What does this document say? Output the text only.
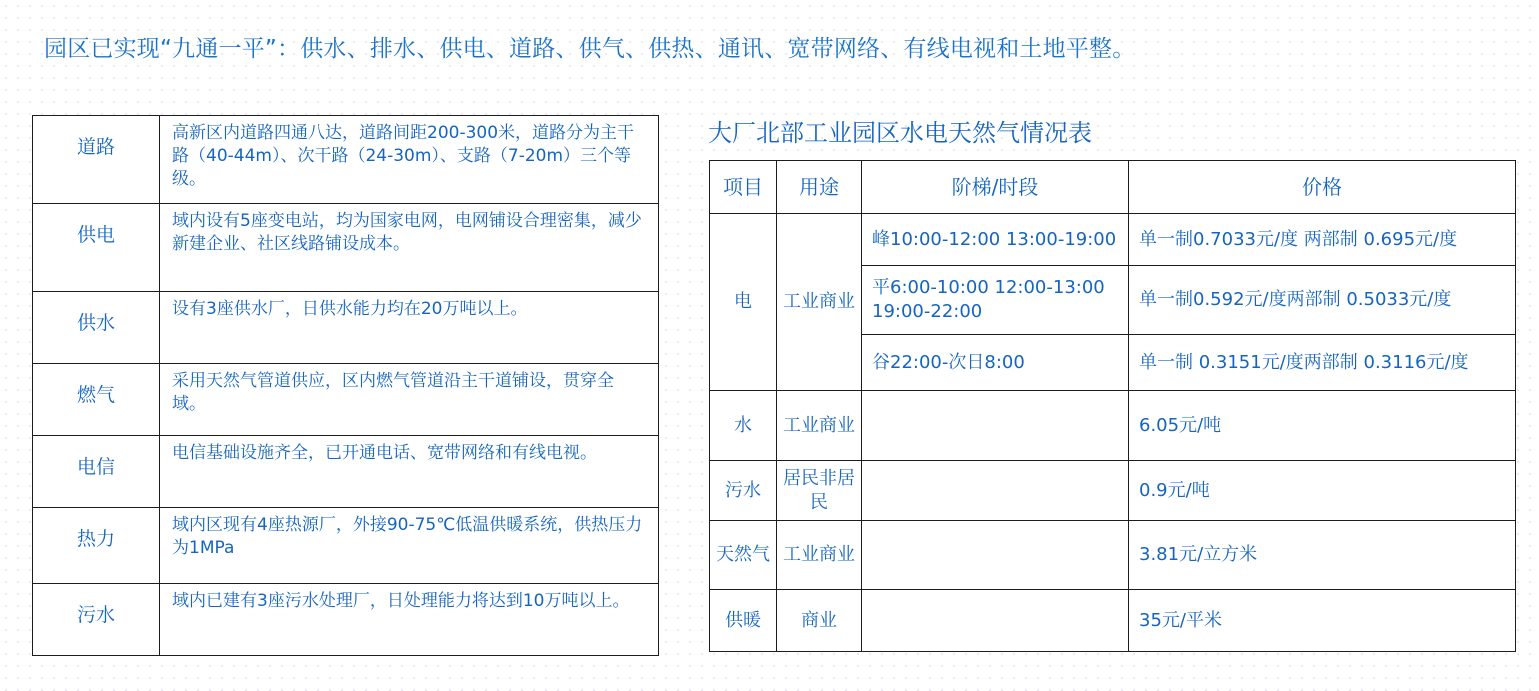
园区已实现“九通一平”：供水、排水、供电、道路、供气、供热、通讯、宽带网络、有线电视和土地平整。
道路	高新区内道路四通八达，道路间距200-300米，道路分为主干路（40-44m）、次干路（24-30m）、支路（7-20m）三个等级。
供电	域内设有5座变电站，均为国家电网，电网铺设合理密集，减少新建企业、社区线路铺设成本。
供水	设有3座供水厂，日供水能力均在20万吨以上。
燃气	采用天然气管道供应，区内燃气管道沿主干道铺设，贯穿全域。
电信	电信基础设施齐全，已开通电话、宽带网络和有线电视。
热力	域内区现有4座热源厂，外接90-75℃低温供暖系统，供热压力为1MPa
污水	域内已建有3座污水处理厂，日处理能力将达到10万吨以上。
大厂北部工业园区水电天然气情况表
项目	用途	阶梯/时段	价格
电	工业商业	峰10:00-12:00 13:00-19:00	单一制0.7033元/度 两部制 0.695元/度
		平6:00-10:00 12:00-13:00 19:00-22:00	单一制0.592元/度两部制 0.5033元/度
		谷22:00-次日8:00	单一制 0.3151元/度两部制 0.3116元/度
水	工业商业		6.05元/吨
污水	居民非居民		0.9元/吨
天然气	工业商业		3.81元/立方米
供暖	商业		35元/平米
